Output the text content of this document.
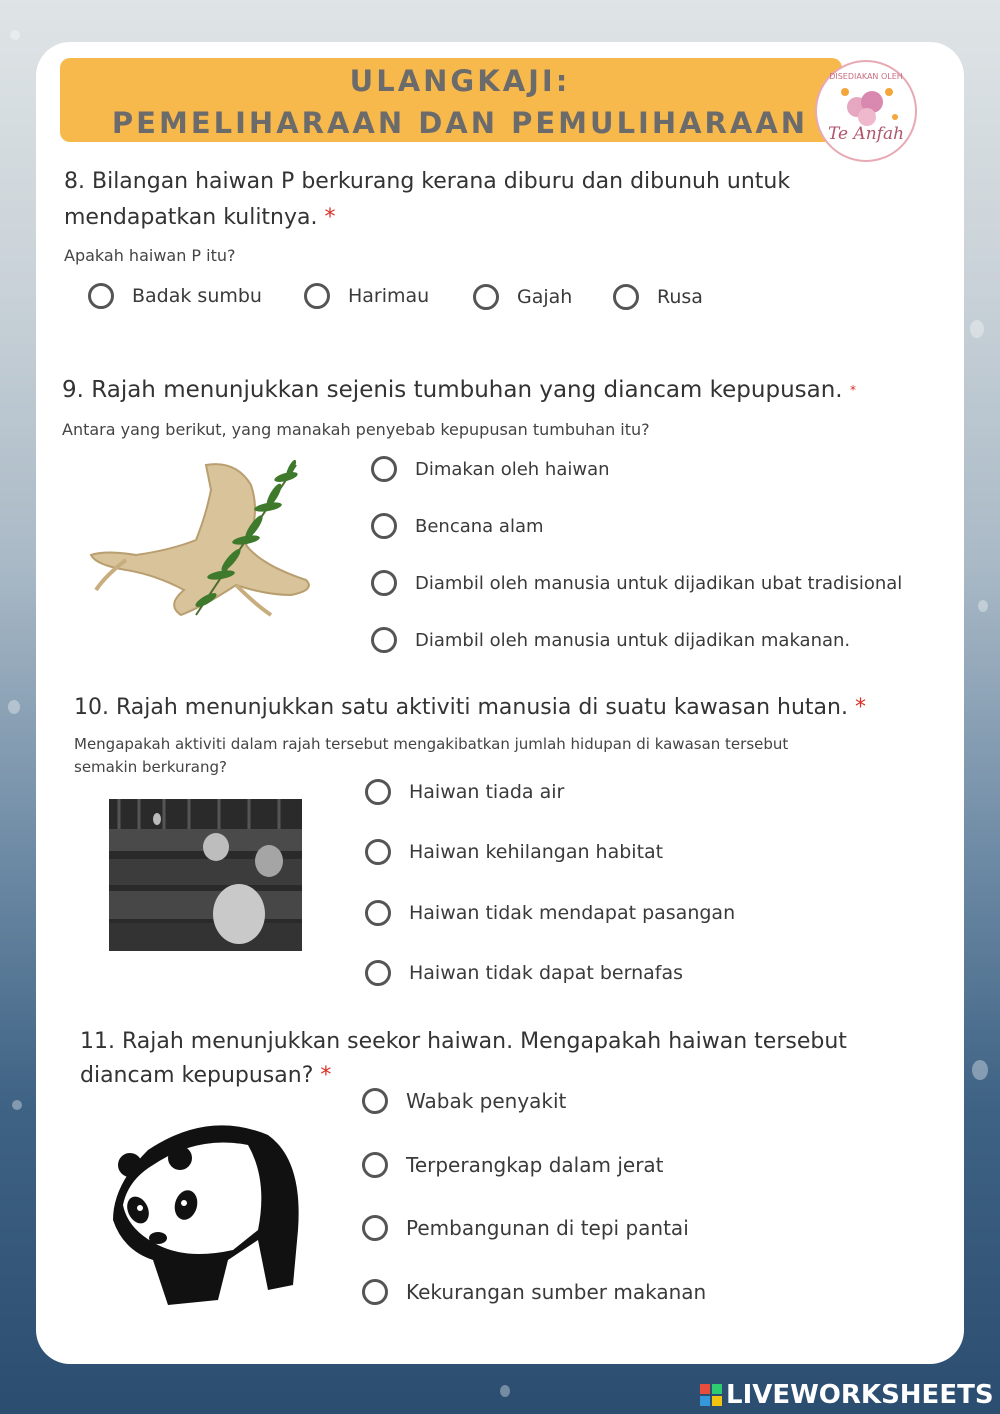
ULANGKAJI:
PEMELIHARAAN DAN PEMULIHARAAN
DISEDIAKAN OLEH
Te Anfah
8. Bilangan haiwan P berkurang kerana diburu dan dibunuh untuk
mendapatkan kulitnya. *
Apakah haiwan P itu?
Badak sumbu	Harimau	Gajah	Rusa
9. Rajah menunjukkan sejenis tumbuhan yang diancam kepupusan. *
Antara yang berikut, yang manakah penyebab kepupusan tumbuhan itu?
Dimakan oleh haiwan
Bencana alam
Diambil oleh manusia untuk dijadikan ubat tradisional
Diambil oleh manusia untuk dijadikan makanan.
10. Rajah menunjukkan satu aktiviti manusia di suatu kawasan hutan. *
Mengapakah aktiviti dalam rajah tersebut mengakibatkan jumlah hidupan di kawasan tersebut
semakin berkurang?
Haiwan tiada air
Haiwan kehilangan habitat
Haiwan tidak mendapat pasangan
Haiwan tidak dapat bernafas
11. Rajah menunjukkan seekor haiwan. Mengapakah haiwan tersebut
diancam kepupusan? *
Wabak penyakit
Terperangkap dalam jerat
Pembangunan di tepi pantai
Kekurangan sumber makanan
LIVEWORKSHEETS
